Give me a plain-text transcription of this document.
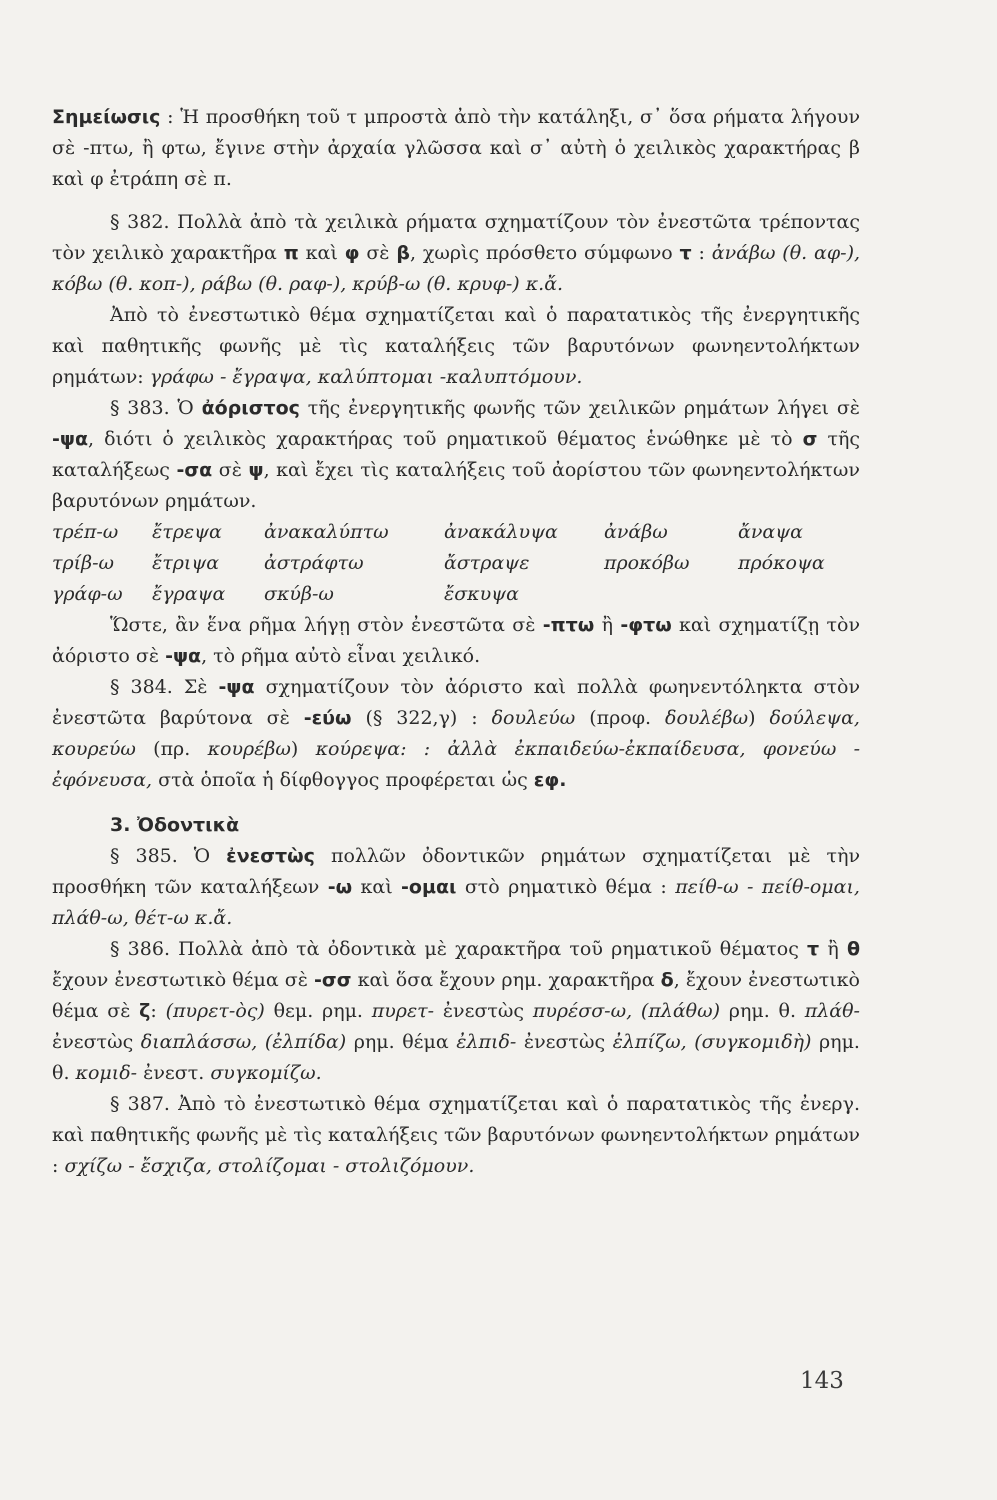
Σημείωσις : Ἡ προσθήκη τοῦ τ μπροστὰ ἀπὸ τὴν κατάληξι, σ᾽ ὅσα ρήματα λήγουν σὲ -πτω, ἢ φτω, ἔγινε στὴν ἀρχαία γλῶσσα καὶ σ᾽ αὐτὴ ὁ χειλικὸς χαρακτήρας β καὶ φ ἐτράπη σὲ π.

§ 382. Πολλὰ ἀπὸ τὰ χειλικὰ ρήματα σχηματίζουν τὸν ἐνεστῶτα τρέποντας τὸν χειλικὸ χαρακτῆρα π καὶ φ σὲ β, χωρὶς πρόσθετο σύμφωνο τ : ἀνάβω (θ. αφ-), κόβω (θ. κοπ-), ράβω (θ. ραφ-), κρύβ-ω (θ. κρυφ-) κ.ἄ.

Ἀπὸ τὸ ἐνεστωτικὸ θέμα σχηματίζεται καὶ ὁ παρατατικὸς τῆς ἐνεργητικῆς καὶ παθητικῆς φωνῆς μὲ τὶς καταλήξεις τῶν βαρυτόνων φωνηεντολήκτων ρημάτων: γράφω - ἔγραψα, καλύπτομαι -καλυπτόμουν.

§ 383. Ὁ ἀόριστος τῆς ἐνεργητικῆς φωνῆς τῶν χειλικῶν ρημάτων λήγει σὲ -ψα, διότι ὁ χειλικὸς χαρακτήρας τοῦ ρηματικοῦ θέματος ἑνώθηκε μὲ τὸ σ τῆς καταλήξεως -σα σὲ ψ, καὶ ἔχει τὶς καταλήξεις τοῦ ἀορίστου τῶν φωνηεντολήκτων βαρυτόνων ρημάτων.

τρέπ-ω	ἔτρεψα	ἀνακαλύπτω	ἀνακάλυψα	ἀνάβω	ἄναψα
τρίβ-ω	ἔτριψα	ἀστράφτω	ἄστραψε	προκόβω	πρόκοψα
γράφ-ω	ἔγραψα	σκύβ-ω	ἔσκυψα

Ὥστε, ἂν ἕνα ρῆμα λήγῃ στὸν ἐνεστῶτα σὲ -πτω ἢ -φτω καὶ σχηματίζῃ τὸν ἀόριστο σὲ -ψα, τὸ ρῆμα αὐτὸ εἶναι χειλικό.

§ 384. Σὲ -ψα σχηματίζουν τὸν ἀόριστο καὶ πολλὰ φωηνεντόληκτα στὸν ἐνεστῶτα βαρύτονα σὲ -εύω (§ 322,γ) : δουλεύω (προφ. δουλέβω) δούλεψα, κουρεύω (πρ. κουρέβω) κούρεψα: : ἀλλὰ ἐκπαιδεύω-ἐκπαίδευσα, φονεύω - ἐφόνευσα, στὰ ὁποῖα ἡ δίφθογγος προφέρεται ὡς εφ.

3. Ὀδοντικὰ

§ 385. Ὁ ἐνεστὼς πολλῶν ὀδοντικῶν ρημάτων σχηματίζεται μὲ τὴν προσθήκη τῶν καταλήξεων -ω καὶ -ομαι στὸ ρηματικὸ θέμα : πείθ-ω - πείθ-ομαι, πλάθ-ω, θέτ-ω κ.ἄ.

§ 386. Πολλὰ ἀπὸ τὰ ὀδοντικὰ μὲ χαρακτῆρα τοῦ ρηματικοῦ θέματος τ ἢ θ ἔχουν ἐνεστωτικὸ θέμα σὲ -σσ καὶ ὅσα ἔχουν ρημ. χαρακτῆρα δ, ἔχουν ἐνεστωτικὸ θέμα σὲ ζ: (πυρετ-ὸς) θεμ. ρημ. πυρετ- ἐνεστὼς πυρέσσ-ω, (πλάθω) ρημ. θ. πλάθ- ἐνεστὼς διαπλάσσω, (ἐλπίδα) ρημ. θέμα ἐλπιδ- ἐνεστὼς ἐλπίζω, (συγκομιδὴ) ρημ. θ. κομιδ- ἐνεστ. συγκομίζω.

§ 387. Ἀπὸ τὸ ἐνεστωτικὸ θέμα σχηματίζεται καὶ ὁ παρατατικὸς τῆς ἐνεργ. καὶ παθητικῆς φωνῆς μὲ τὶς καταλήξεις τῶν βαρυτόνων φωνηεντολήκτων ρημάτων : σχίζω - ἔσχιζα, στολίζομαι - στολιζόμουν.

143
